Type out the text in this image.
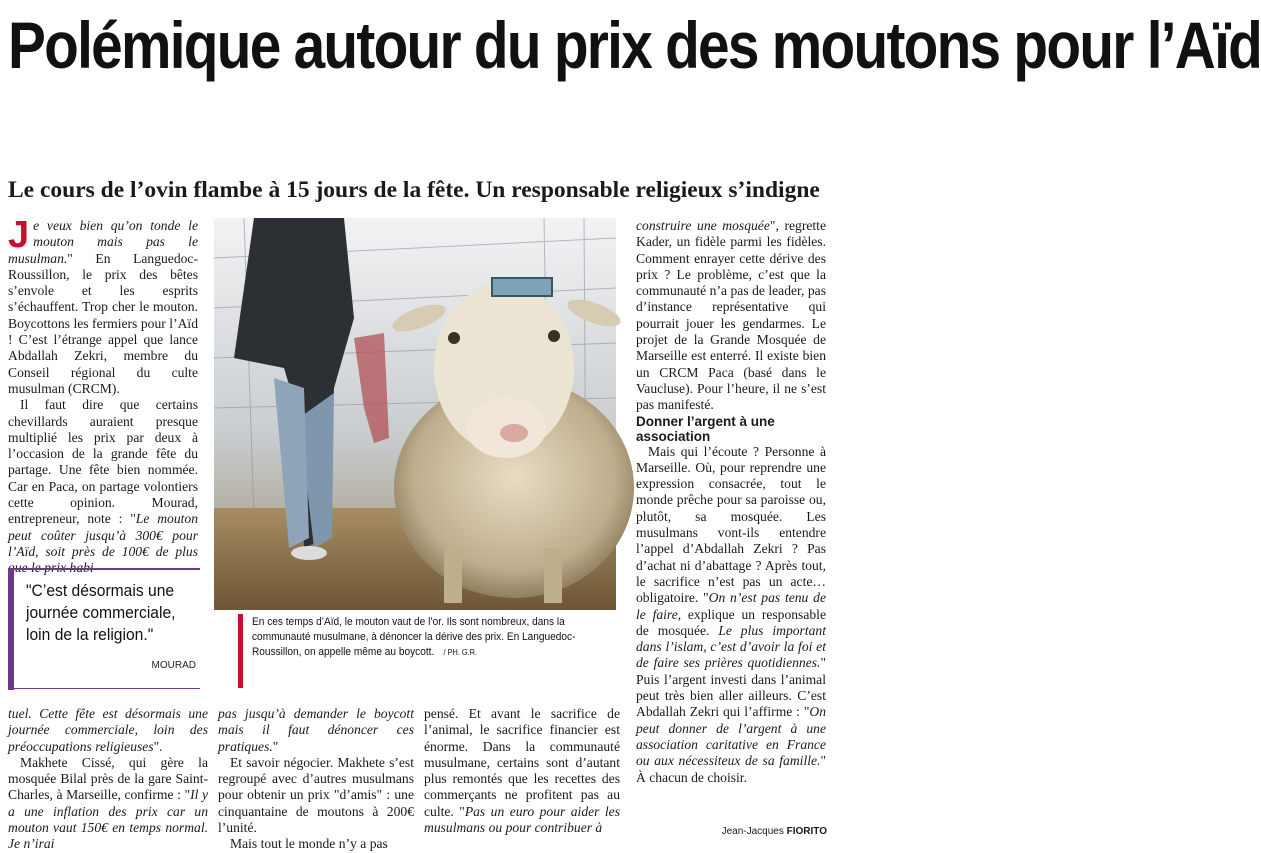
Polémique autour du prix des moutons pour l’Aïd
Le cours de l’ovin flambe à 15 jours de la fête. Un responsable religieux s’indigne

Je veux bien qu’on tonde le mouton mais pas le musulman." En Languedoc-Roussillon, le prix des bêtes s’envole et les esprits s’échauffent. Trop cher le mouton. Boycottons les fermiers pour l’Aïd ! C’est l’étrange appel que lance Abdallah Zekri, membre du Conseil régional du culte musulman (CRCM).

Il faut dire que certains chevillards auraient presque multiplié les prix par deux à l’occasion de la grande fête du partage. Une fête bien nommée. Car en Paca, on partage volontiers cette opinion. Mourad, entrepreneur, note : "Le mouton peut coûter jusqu’à 300€ pour l’Aïd, soit près de 100€ de plus

"C’est désormais une journée commerciale, loin de la religion."
MOURAD
En ces temps d’Aïd, le mouton vaut de l’or. Ils sont nombreux, dans la communauté musulmane, à dénoncer la dérive des prix. En Languedoc-Roussillon, on appelle même au boycott. / PH. G.R.

tuel. Cette fête est désormais une journée commerciale, loin des préoccupations religieuses".

Makhete Cissé, qui gère la mosquée Bilal près de la gare Saint-Charles, à Marseille, confirme : "Il y a une inflation des prix car un mouton vaut 150€ en temps normal. Je n’irai

pas jusqu’à demander le boycott mais il faut dénoncer ces pratiques."

Et savoir négocier. Makhete s’est regroupé avec d’autres musulmans pour obtenir un prix "d’amis" : une cinquantaine de moutons à 200€ l’unité.

Mais tout le monde n’y a pas

pensé. Et avant le sacrifice de l’animal, le sacrifice financier est énorme. Dans la communauté musulmane, certains sont d’autant plus remontés que les recettes des commerçants ne profitent pas au culte. "Pas un euro pour aider les musulmans ou pour contribuer à

construire une mosquée", regrette Kader, un fidèle parmi les fidèles. Comment enrayer cette dérive des prix ? Le problème, c’est que la communauté n’a pas de leader, pas d’instance représentative qui pourrait jouer les gendarmes. Le projet de la Grande Mosquée de Marseille est enterré. Il existe bien un CRCM Paca (basé dans le Vaucluse). Pour l’heure, il ne s’est pas manifesté.

Donner l’argent à une association

Mais qui l’écoute ? Personne à Marseille. Où, pour reprendre une expression consacrée, tout le monde prêche pour sa paroisse ou, plutôt, sa mosquée. Les musulmans vont-ils entendre l’appel d’Abdallah Zekri ? Pas d’achat ni d’abattage ? Après tout, le sacrifice n’est pas un acte… obligatoire. "On n’est pas tenu de le faire, explique un responsable de mosquée. Le plus important dans l’islam, c’est d’avoir la foi et de faire ses prières quotidiennes." Puis l’argent investi dans l’animal peut très bien aller ailleurs. C’est Abdallah Zekri qui l’affirme : "On peut donner de l’argent à une association caritative en France ou aux nécessiteux de sa famille." À chacun de choisir.

Jean-Jacques FIORITO
